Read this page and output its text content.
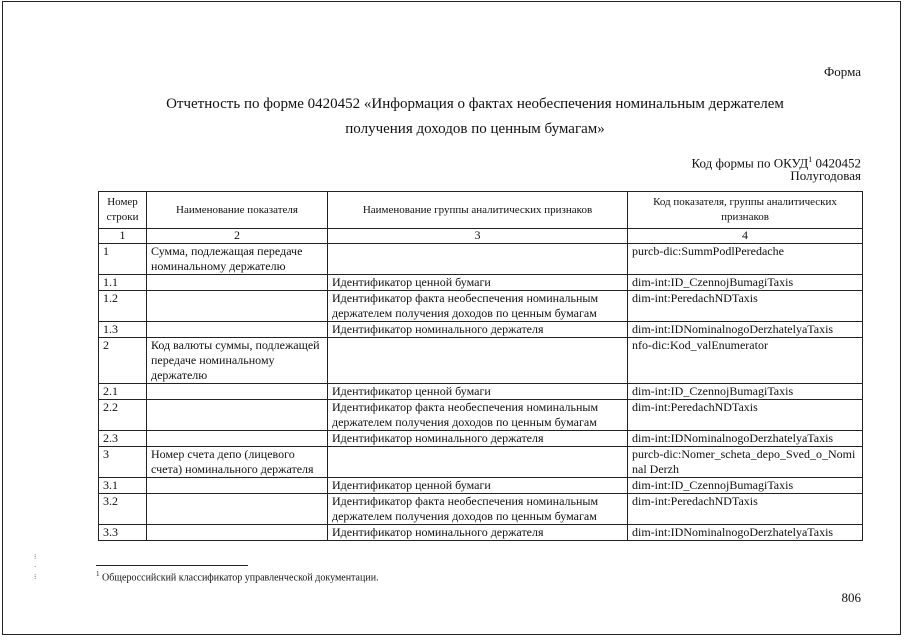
Форма
Отчетность по форме 0420452 «Информация о фактах необеспечения номинальным держателем
получения доходов по ценным бумагам»
Код формы по ОКУД$^1$ 0420452
Полугодовая
Номер строки	Наименование показателя	Наименование группы аналитических признаков	Код показателя, группы аналитических признаков
1	2	3	4
1	Сумма, подлежащая передаче номинальному держателю		purcb-dic:SummPodlPeredache
1.1		Идентификатор ценной бумаги	dim-int:ID_CzennojBumagiTaxis
1.2		Идентификатор факта необеспечения номинальным держателем получения доходов по ценным бумагам	dim-int:PeredachNDTaxis
1.3		Идентификатор номинального держателя	dim-int:IDNominalnogoDerzhatelyaTaxis
2	Код валюты суммы, подлежащей передаче номинальному держателю		nfo-dic:Kod_valEnumerator
2.1		Идентификатор ценной бумаги	dim-int:ID_CzennojBumagiTaxis
2.2		Идентификатор факта необеспечения номинальным держателем получения доходов по ценным бумагам	dim-int:PeredachNDTaxis
2.3		Идентификатор номинального держателя	dim-int:IDNominalnogoDerzhatelyaTaxis
3	Номер счета депо (лицевого счета) номинального держателя		purcb-dic:Nomer_scheta_depo_Sved_o_Nominal Derzh
3.1		Идентификатор ценной бумаги	dim-int:ID_CzennojBumagiTaxis
3.2		Идентификатор факта необеспечения номинальным держателем получения доходов по ценным бумагам	dim-int:PeredachNDTaxis
3.3		Идентификатор номинального держателя	dim-int:IDNominalnogoDerzhatelyaTaxis
⁝
·
⁝	$^1$ Общероссийский классификатор управленческой документации.
806
